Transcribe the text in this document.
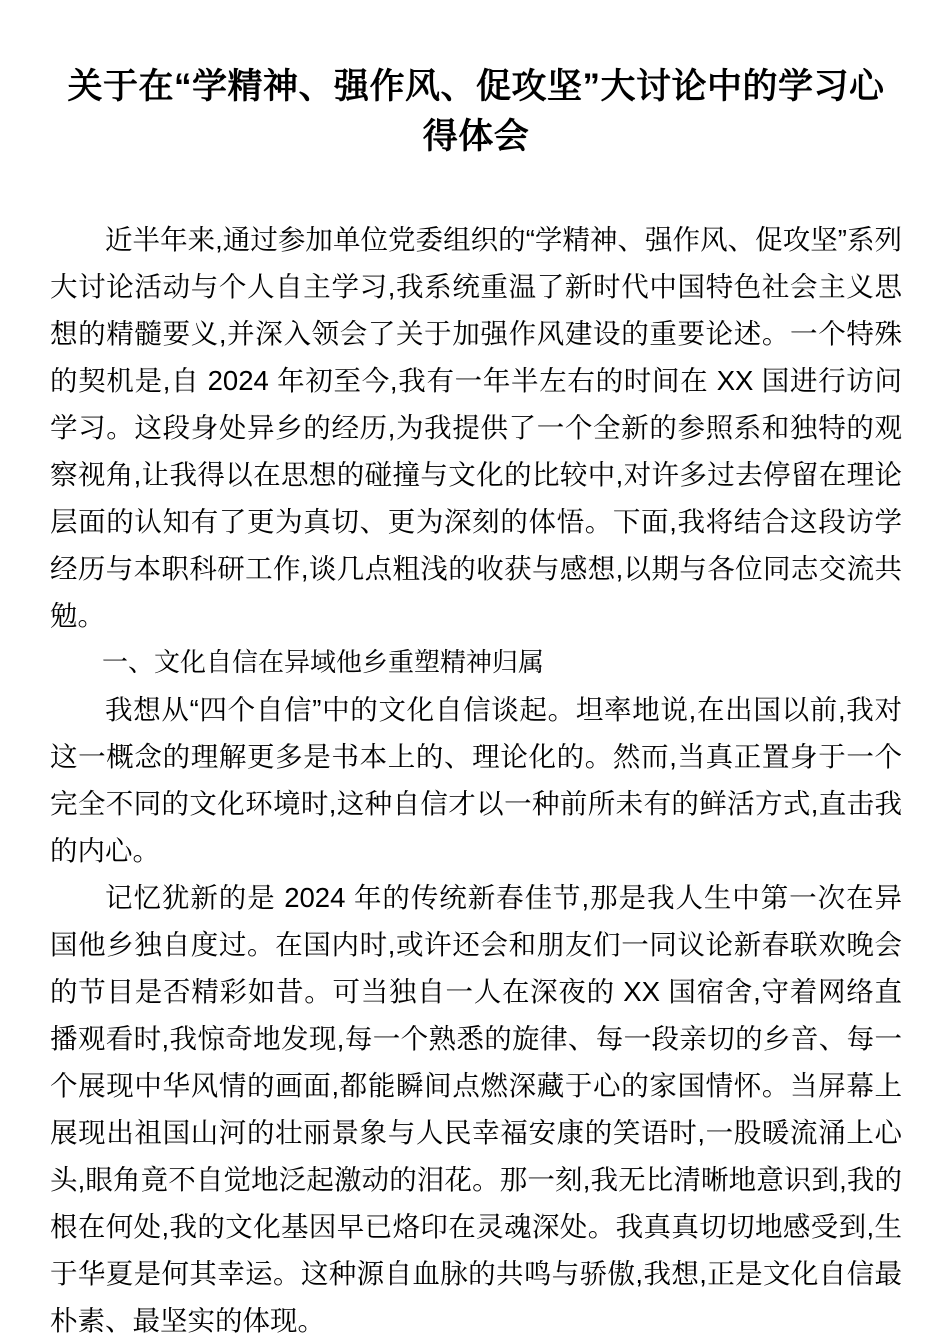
关于在“学精神、强作风、促攻坚”大讨论中的学习心得体会

近半年来,通过参加单位党委组织的“学精神、强作风、促攻坚”系列大讨论活动与个人自主学习,我系统重温了新时代中国特色社会主义思想的精髓要义,并深入领会了关于加强作风建设的重要论述。一个特殊的契机是,自 2024 年初至今,我有一年半左右的时间在 XX 国进行访问学习。这段身处异乡的经历,为我提供了一个全新的参照系和独特的观察视角,让我得以在思想的碰撞与文化的比较中,对许多过去停留在理论层面的认知有了更为真切、更为深刻的体悟。下面,我将结合这段访学经历与本职科研工作,谈几点粗浅的收获与感想,以期与各位同志交流共勉。

一、文化自信在异域他乡重塑精神归属

我想从“四个自信”中的文化自信谈起。坦率地说,在出国以前,我对这一概念的理解更多是书本上的、理论化的。然而,当真正置身于一个完全不同的文化环境时,这种自信才以一种前所未有的鲜活方式,直击我的内心。

记忆犹新的是 2024 年的传统新春佳节,那是我人生中第一次在异国他乡独自度过。在国内时,或许还会和朋友们一同议论新春联欢晚会的节目是否精彩如昔。可当独自一人在深夜的 XX 国宿舍,守着网络直播观看时,我惊奇地发现,每一个熟悉的旋律、每一段亲切的乡音、每一个展现中华风情的画面,都能瞬间点燃深藏于心的家国情怀。当屏幕上展现出祖国山河的壮丽景象与人民幸福安康的笑语时,一股暖流涌上心头,眼角竟不自觉地泛起激动的泪花。那一刻,我无比清晰地意识到,我的根在何处,我的文化基因早已烙印在灵魂深处。我真真切切地感受到,生于华夏是何其幸运。这种源自血脉的共鸣与骄傲,我想,正是文化自信最朴素、最坚实的体现。
